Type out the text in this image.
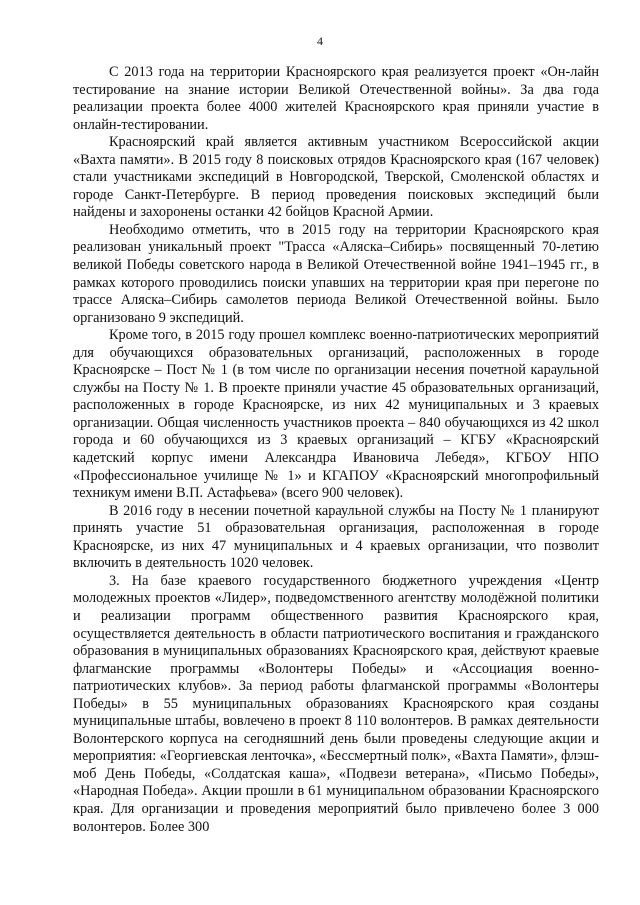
4

С 2013 года на территории Красноярского края реализуется проект «Он-лайн тестирование на знание истории Великой Отечественной войны». За два года реализации проекта более 4000 жителей Красноярского края приняли участие в онлайн-тестировании.

Красноярский край является активным участником Всероссийской акции «Вахта памяти». В 2015 году 8 поисковых отрядов Красноярского края (167 человек) стали участниками экспедиций в Новгородской, Тверской, Смоленской областях и городе Санкт-Петербурге. В период проведения поисковых экспедиций были найдены и захоронены останки 42 бойцов Красной Армии.

Необходимо отметить, что в 2015 году на территории Красноярского края реализован уникальный проект "Трасса «Аляска–Сибирь» посвященный 70-летию великой Победы советского народа в Великой Отечественной войне 1941–1945 гг., в рамках которого проводились поиски упавших на территории края при перегоне по трассе Аляска–Сибирь самолетов периода Великой Отечественной войны. Было организовано 9 экспедиций.

Кроме того, в 2015 году прошел комплекс военно-патриотических мероприятий для обучающихся образовательных организаций, расположенных в городе Красноярске – Пост № 1 (в том числе по организации несения почетной караульной службы на Посту № 1. В проекте приняли участие 45 образовательных организаций, расположенных в городе Красноярске, из них 42 муниципальных и 3 краевых организации. Общая численность участников проекта – 840 обучающихся из 42 школ города и 60 обучающихся из 3 краевых организаций – КГБУ «Красноярский кадетский корпус имени Александра Ивановича Лебедя», КГБОУ НПО «Профессиональное училище № 1» и КГАПОУ «Красноярский многопрофильный техникум имени В.П. Астафьева» (всего 900 человек).

В 2016 году в несении почетной караульной службы на Посту № 1 планируют принять участие 51 образовательная организация, расположенная в городе Красноярске, из них 47 муниципальных и 4 краевых организации, что позволит включить в деятельность 1020 человек.

3. На базе краевого государственного бюджетного учреждения «Центр молодежных проектов «Лидер», подведомственного агентству молодёжной политики и реализации программ общественного развития Красноярского края, осуществляется деятельность в области патриотического воспитания и гражданского образования в муниципальных образованиях Красноярского края, действуют краевые флагманские программы «Волонтеры Победы» и «Ассоциация военно-патриотических клубов». За период работы флагманской программы «Волонтеры Победы» в 55 муниципальных образованиях Красноярского края созданы муниципальные штабы, вовлечено в проект 8 110 волонтеров. В рамках деятельности Волонтерского корпуса на сегодняшний день были проведены следующие акции и мероприятия: «Георгиевская ленточка», «Бессмертный полк», «Вахта Памяти», флэш-моб День Победы, «Солдатская каша», «Подвези ветерана», «Письмо Победы», «Народная Победа». Акции прошли в 61 муниципальном образовании Красноярского края. Для организации и проведения мероприятий было привлечено более 3 000 волонтеров. Более 300
